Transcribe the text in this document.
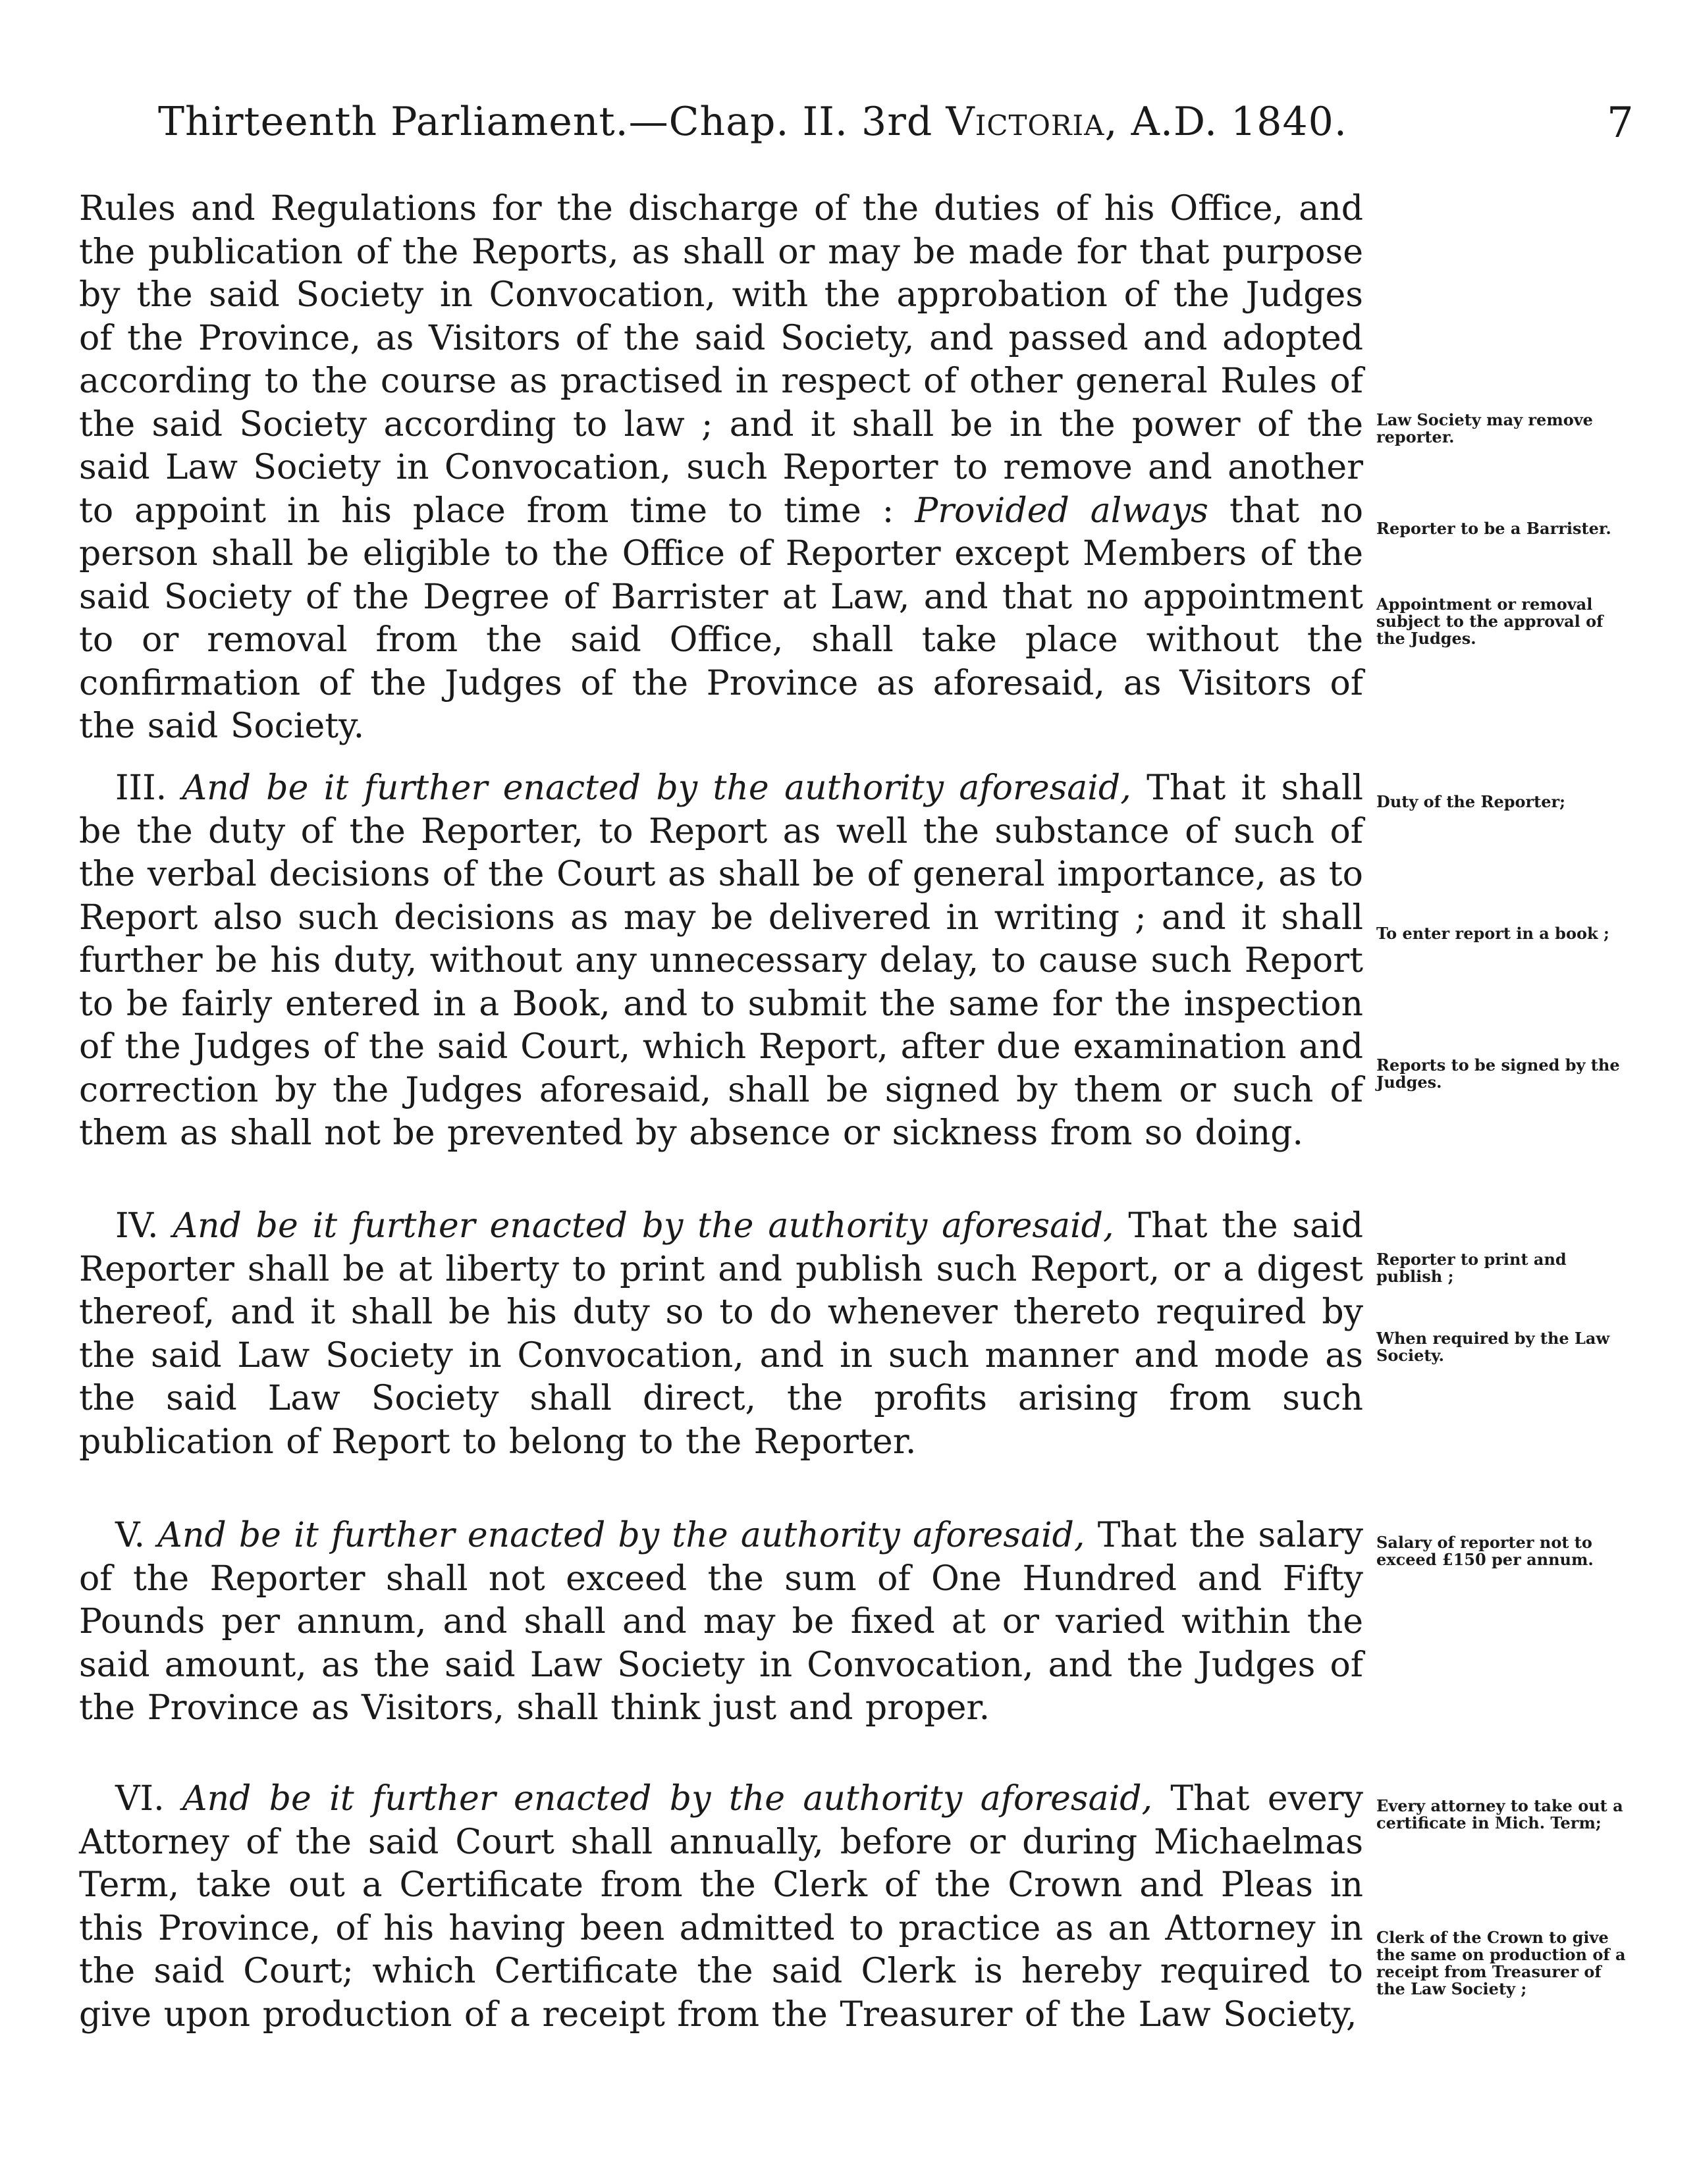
Thirteenth Parliament.—Chap. II. 3rd Victoria, A.D. 1840.	7

Rules and Regulations for the discharge of the duties of his Office, and the publication of the Reports, as shall or may be made for that purpose by the said Society in Convocation, with the approbation of the Judges of the Province, as Visitors of the said Society, and passed and adopted according to the course as practised in respect of other general Rules of the said Society according to law ; and it shall be in the power of the said Law Society in Convocation, such Reporter to remove and another to appoint in his place from time to time : Provided always that no person shall be eligible to the Office of Reporter except Members of the said Society of the Degree of Barrister at Law, and that no appointment to or removal from the said Office, shall take place without the confirmation of the Judges of the Province as aforesaid, as Visitors of the said Society.

III. And be it further enacted by the authority aforesaid, That it shall be the duty of the Reporter, to Report as well the substance of such of the verbal decisions of the Court as shall be of general importance, as to Report also such decisions as may be delivered in writing ; and it shall further be his duty, without any unnecessary delay, to cause such Report to be fairly entered in a Book, and to submit the same for the inspection of the Judges of the said Court, which Report, after due examination and correction by the Judges aforesaid, shall be signed by them or such of them as shall not be prevented by absence or sickness from so doing.

IV. And be it further enacted by the authority aforesaid, That the said Reporter shall be at liberty to print and publish such Report, or a digest thereof, and it shall be his duty so to do whenever thereto required by the said Law Society in Convocation, and in such manner and mode as the said Law Society shall direct, the profits arising from such publication of Report to belong to the Reporter.

V. And be it further enacted by the authority aforesaid, That the salary of the Reporter shall not exceed the sum of One Hundred and Fifty Pounds per annum, and shall and may be fixed at or varied within the said amount, as the said Law Society in Convocation, and the Judges of the Province as Visitors, shall think just and proper.

VI. And be it further enacted by the authority aforesaid, That every Attorney of the said Court shall annually, before or during Michaelmas Term, take out a Certificate from the Clerk of the Crown and Pleas in this Province, of his having been admitted to practice as an Attorney in the said Court; which Certificate the said Clerk is hereby required to give upon production of a receipt from the Treasurer of the Law Society,

Law Society may remove reporter.
Reporter to be a Barrister.
Appointment or removal subject to the approval of the Judges.
Duty of the Reporter;
To enter report in a book ;
Reports to be signed by the Judges.
Reporter to print and publish ;
When required by the Law Society.
Salary of reporter not to exceed £150 per annum.
Every attorney to take out a certificate in Mich. Term;
Clerk of the Crown to give the same on production of a receipt from Treasurer of the Law Society ;
